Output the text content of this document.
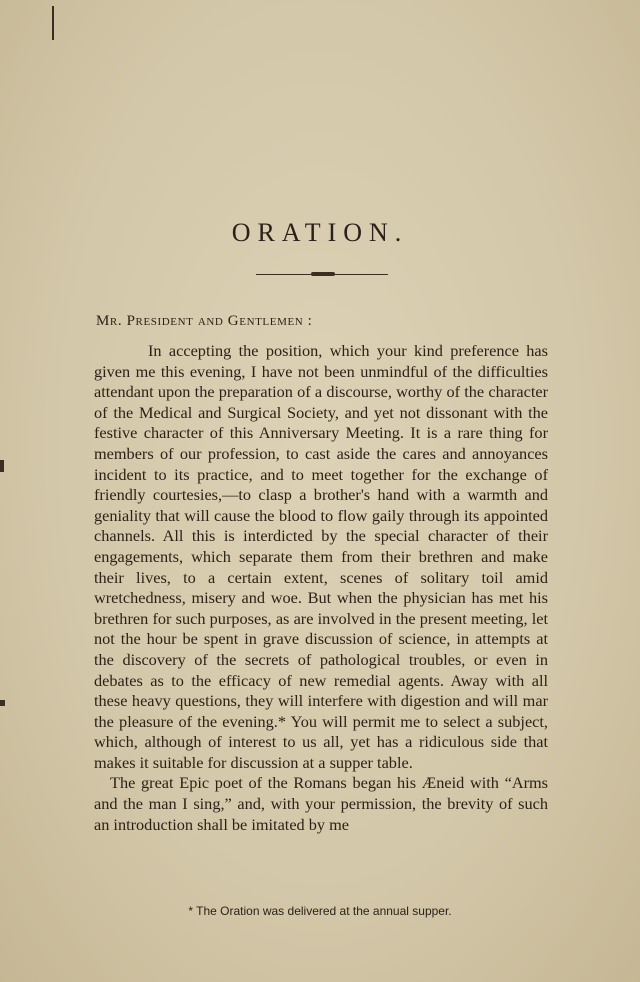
ORATION.
Mr. President and Gentlemen :

In accepting the position, which your kind preference has given me this evening, I have not been unmindful of the difficulties attendant upon the preparation of a discourse, worthy of the character of the Medical and Surgical Society, and yet not dissonant with the festive character of this Anniversary Meeting. It is a rare thing for members of our profession, to cast aside the cares and annoyances incident to its practice, and to meet together for the exchange of friendly courtesies,—to clasp a brother's hand with a warmth and geniality that will cause the blood to flow gaily through its appointed channels. All this is interdicted by the special character of their engagements, which separate them from their brethren and make their lives, to a certain extent, scenes of solitary toil amid wretchedness, misery and woe. But when the physician has met his brethren for such purposes, as are involved in the present meeting, let not the hour be spent in grave discussion of science, in attempts at the discovery of the secrets of pathological troubles, or even in debates as to the efficacy of new remedial agents. Away with all these heavy questions, they will interfere with digestion and will mar the pleasure of the evening.* You will permit me to select a subject, which, although of interest to us all, yet has a ridiculous side that makes it suitable for discussion at a supper table.

The great Epic poet of the Romans began his Æneid with “Arms and the man I sing,” and, with your permission, the brevity of such an introduction shall be imitated by me

* The Oration was delivered at the annual supper.
